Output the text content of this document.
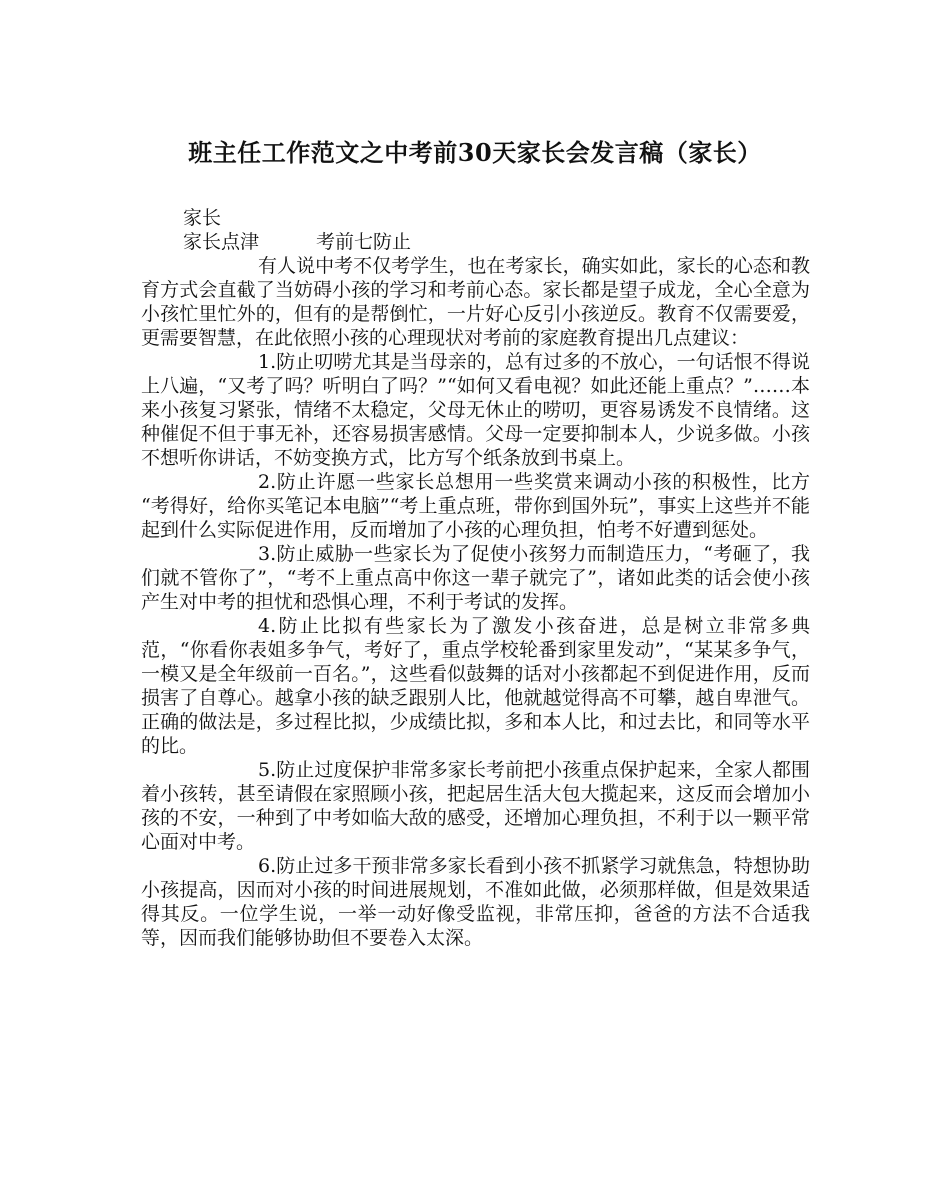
班主任工作范文之中考前30天家长会发言稿（家长）

家长

家长点津　　　考前七防止

有人说中考不仅考学生，也在考家长，确实如此，家长的心态和教育方式会直截了当妨碍小孩的学习和考前心态。家长都是望子成龙，全心全意为小孩忙里忙外的，但有的是帮倒忙，一片好心反引小孩逆反。教育不仅需要爱，更需要智慧，在此依照小孩的心理现状对考前的家庭教育提出几点建议：

1.防止叨唠尤其是当母亲的，总有过多的不放心，一句话恨不得说上八遍，“又考了吗？听明白了吗？”“如何又看电视？如此还能上重点？”……本来小孩复习紧张，情绪不太稳定，父母无休止的唠叨，更容易诱发不良情绪。这种催促不但于事无补，还容易损害感情。父母一定要抑制本人，少说多做。小孩不想听你讲话，不妨变换方式，比方写个纸条放到书桌上。

2.防止许愿一些家长总想用一些奖赏来调动小孩的积极性，比方 “考得好，给你买笔记本电脑”“考上重点班，带你到国外玩”，事实上这些并不能起到什么实际促进作用，反而增加了小孩的心理负担，怕考不好遭到惩处。

3.防止威胁一些家长为了促使小孩努力而制造压力，“考砸了，我们就不管你了”，“考不上重点高中你这一辈子就完了”，诸如此类的话会使小孩产生对中考的担忧和恐惧心理，不利于考试的发挥。

4.防止比拟有些家长为了激发小孩奋进，总是树立非常多典范，“你看你表姐多争气，考好了，重点学校轮番到家里发动”，“某某多争气，一模又是全年级前一百名。”，这些看似鼓舞的话对小孩都起不到促进作用，反而损害了自尊心。越拿小孩的缺乏跟别人比，他就越觉得高不可攀，越自卑泄气。正确的做法是，多过程比拟，少成绩比拟，多和本人比，和过去比，和同等水平的比。

5.防止过度保护非常多家长考前把小孩重点保护起来，全家人都围着小孩转，甚至请假在家照顾小孩，把起居生活大包大揽起来，这反而会增加小孩的不安，一种到了中考如临大敌的感受，还增加心理负担，不利于以一颗平常心面对中考。

6.防止过多干预非常多家长看到小孩不抓紧学习就焦急，特想协助小孩提高，因而对小孩的时间进展规划，不准如此做，必须那样做，但是效果适得其反。一位学生说，一举一动好像受监视，非常压抑，爸爸的方法不合适我等，因而我们能够协助但不要卷入太深。
